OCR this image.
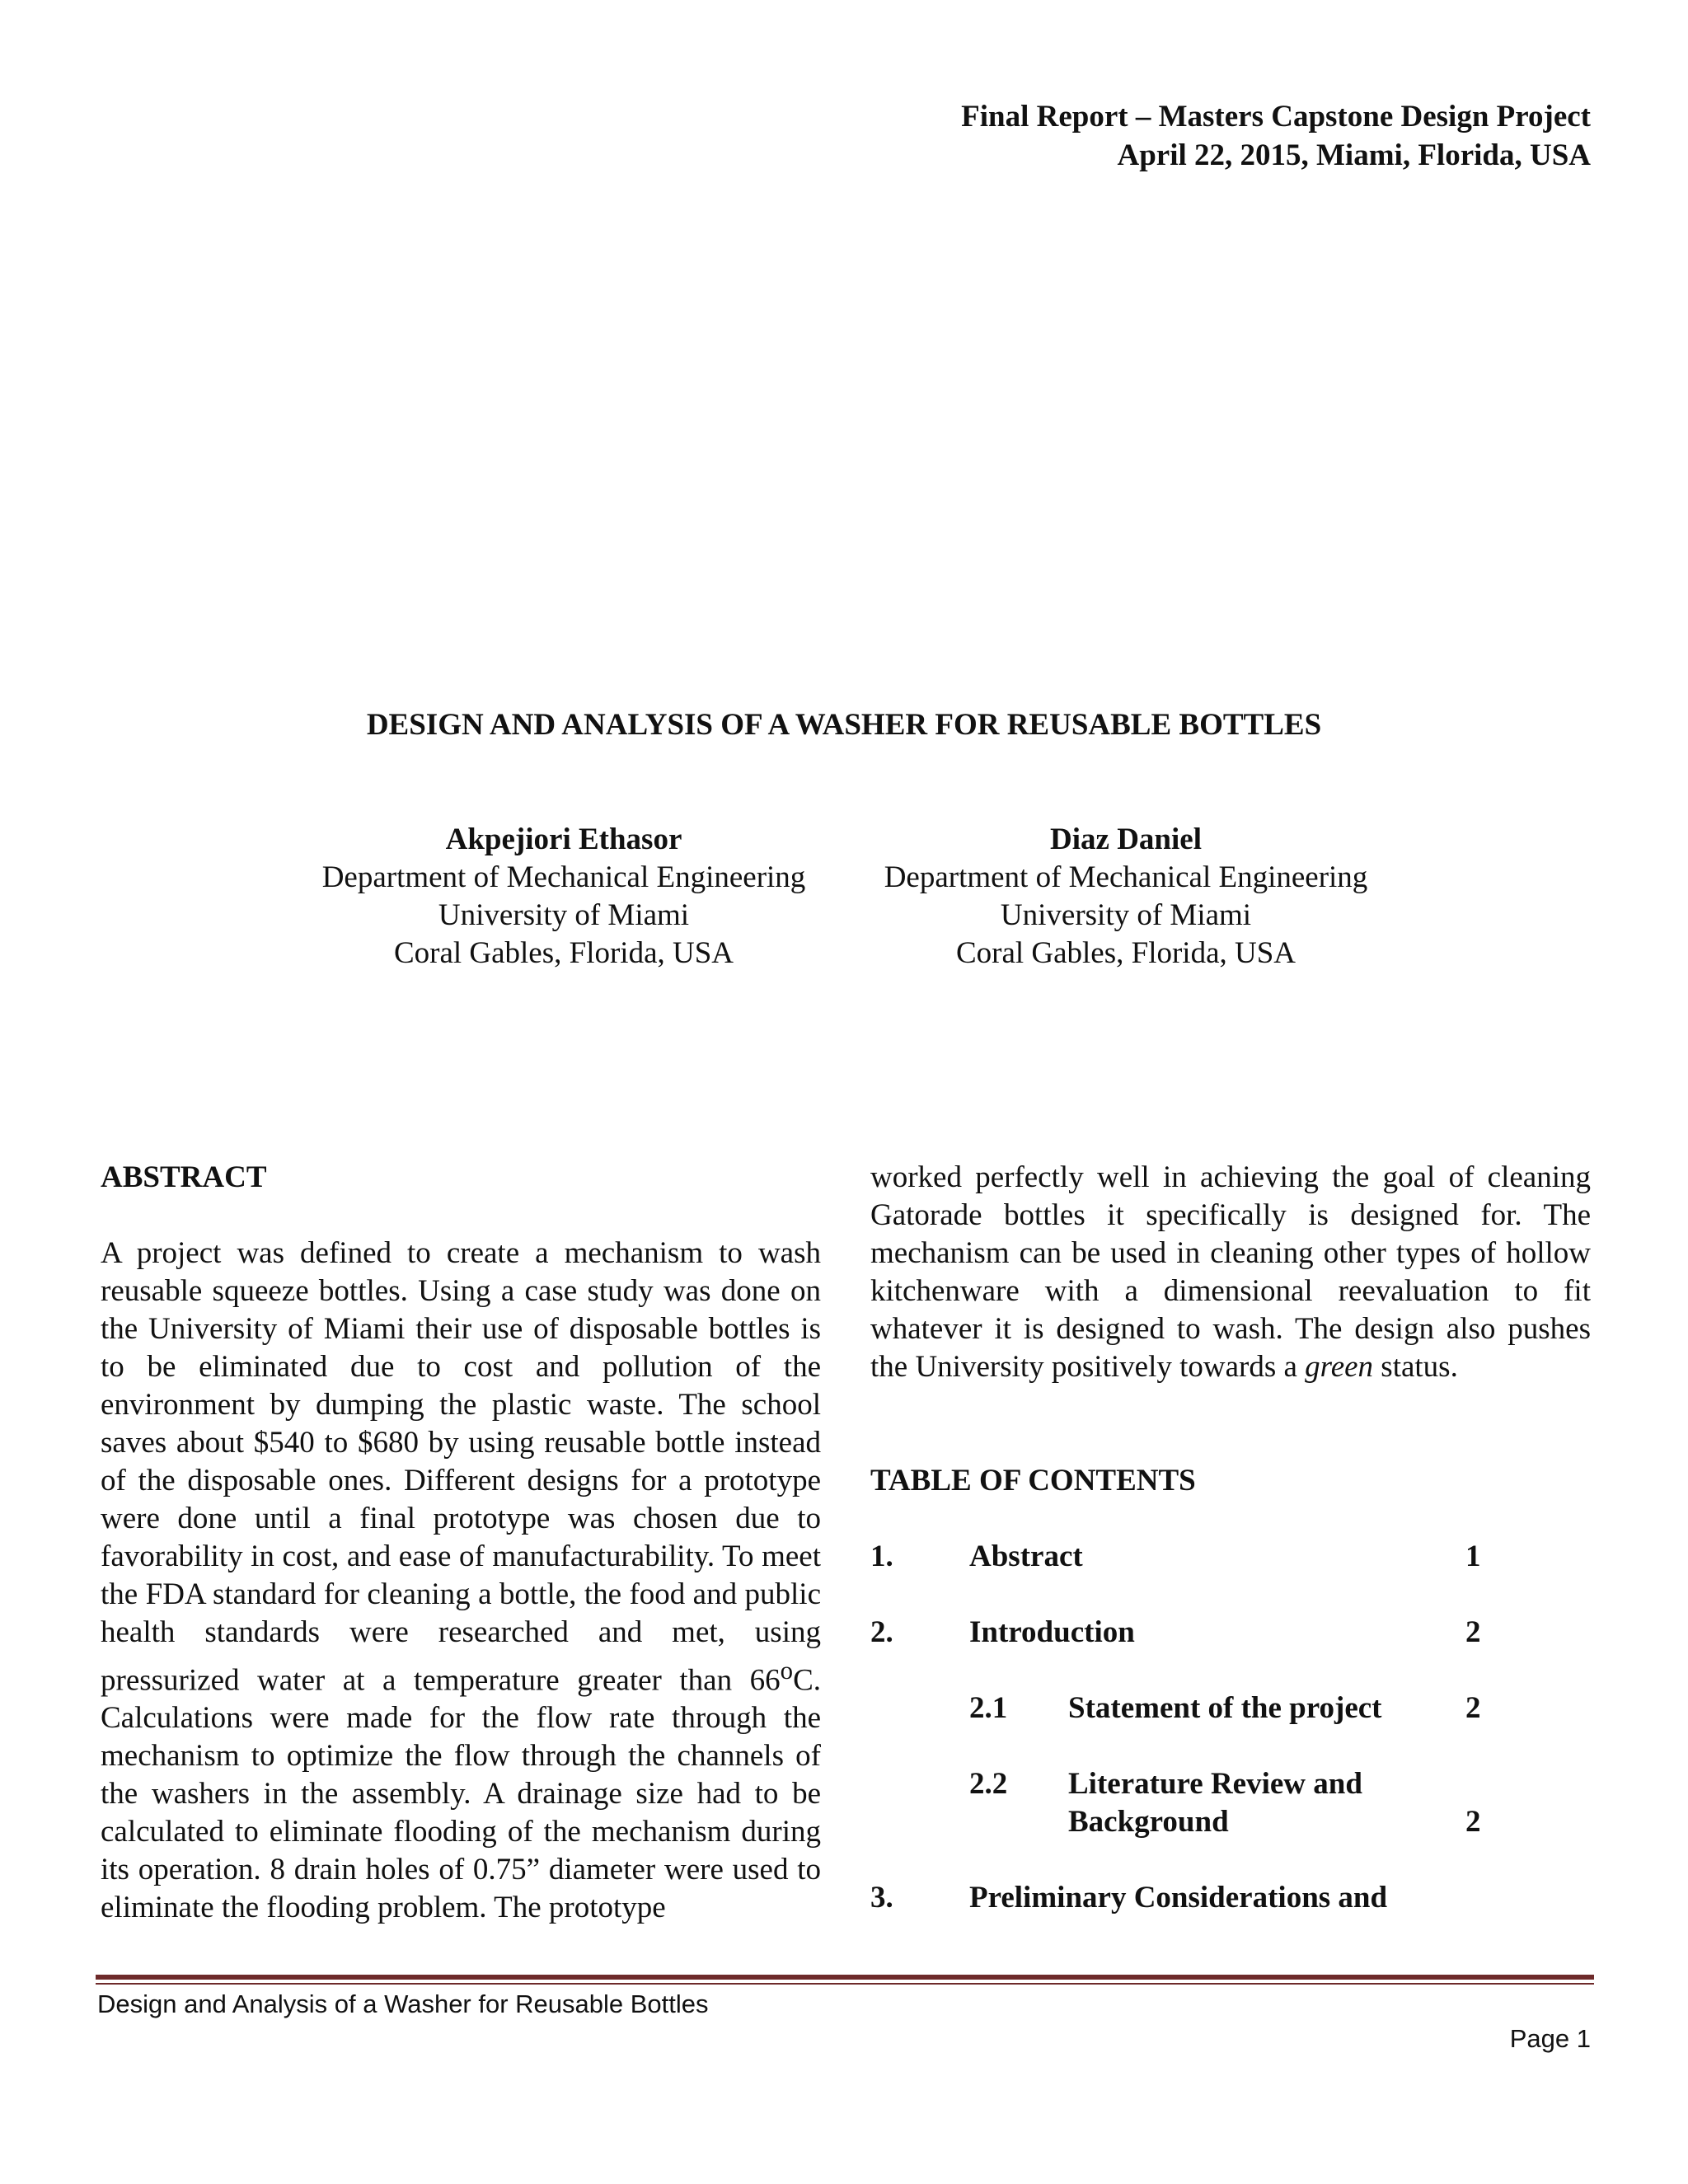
Final Report – Masters Capstone Design Project
April 22, 2015, Miami, Florida, USA
DESIGN AND ANALYSIS OF A WASHER FOR REUSABLE BOTTLES
Akpejiori Ethasor
Department of Mechanical Engineering
University of Miami
Coral Gables, Florida, USA
Diaz Daniel
Department of Mechanical Engineering
University of Miami
Coral Gables, Florida, USA

ABSTRACT

A project was defined to create a mechanism to wash reusable squeeze bottles. Using a case study was done on the University of Miami their use of disposable bottles is to be eliminated due to cost and pollution of the environment by dumping the plastic waste. The school saves about $540 to $680 by using reusable bottle instead of the disposable ones. Different designs for a prototype were done until a final prototype was chosen due to favorability in cost, and ease of manufacturability. To meet the FDA standard for cleaning a bottle, the food and public health standards were researched and met, using pressurized water at a temperature greater than 66$^o$C. Calculations were made for the flow rate through the mechanism to optimize the flow through the channels of the washers in the assembly. A drainage size had to be calculated to eliminate flooding of the mechanism during its operation. 8 drain holes of 0.75” diameter were used to eliminate the flooding problem. The prototype

worked perfectly well in achieving the goal of cleaning Gatorade bottles it specifically is designed for. The mechanism can be used in cleaning other types of hollow kitchenware with a dimensional reevaluation to fit whatever it is designed to wash. The design also pushes the University positively towards a green status.

TABLE OF CONTENTS

1. Abstract	1
2. Introduction	2
2.1 Statement of the project	2
2.2 Literature Review and Background	2
3. Preliminary Considerations and
Design and Analysis of a Washer for Reusable Bottles
Page 1
